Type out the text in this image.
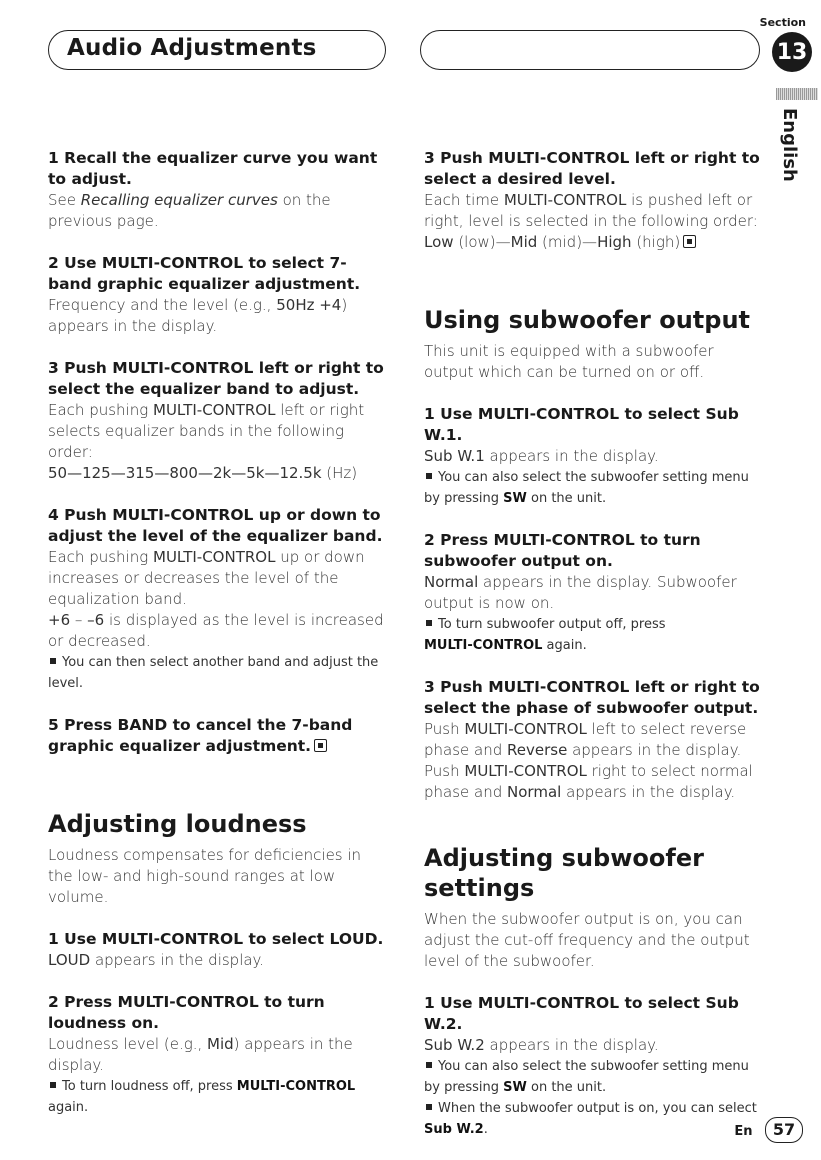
Audio Adjustments
Section
13
English

1 Recall the equalizer curve you want to adjust.

See Recalling equalizer curves on the previous page.

2 Use MULTI-CONTROL to select 7-band graphic equalizer adjustment.

Frequency and the level (e.g., 50Hz +4) appears in the display.

3 Push MULTI-CONTROL left or right to select the equalizer band to adjust.

Each pushing MULTI-CONTROL left or right selects equalizer bands in the following order:

50—125—315—800—2k—5k—12.5k (Hz)

4 Push MULTI-CONTROL up or down to adjust the level of the equalizer band.

Each pushing MULTI-CONTROL up or down increases or decreases the level of the equalization band.

+6 – –6 is displayed as the level is increased or decreased.

You can then select another band and adjust the level.

5 Press BAND to cancel the 7-band graphic equalizer adjustment.

Adjusting loudness

Loudness compensates for deficiencies in the low- and high-sound ranges at low volume.

1 Use MULTI-CONTROL to select LOUD.

LOUD appears in the display.

2 Press MULTI-CONTROL to turn loudness on.

Loudness level (e.g., Mid) appears in the display.

To turn loudness off, press MULTI-CONTROL again.

3 Push MULTI-CONTROL left or right to select a desired level.

Each time MULTI-CONTROL is pushed left or right, level is selected in the following order:

Low (low)—Mid (mid)—High (high)

Using subwoofer output

This unit is equipped with a subwoofer output which can be turned on or off.

1 Use MULTI-CONTROL to select Sub W.1.

Sub W.1 appears in the display.

You can also select the subwoofer setting menu by pressing SW on the unit.

2 Press MULTI-CONTROL to turn subwoofer output on.

Normal appears in the display. Subwoofer output is now on.

To turn subwoofer output off, press
MULTI-CONTROL again.

3 Push MULTI-CONTROL left or right to select the phase of subwoofer output.

Push MULTI-CONTROL left to select reverse phase and Reverse appears in the display. Push MULTI-CONTROL right to select normal phase and Normal appears in the display.

Adjusting subwoofer settings

When the subwoofer output is on, you can adjust the cut-off frequency and the output level of the subwoofer.

1 Use MULTI-CONTROL to select Sub W.2.

Sub W.2 appears in the display.

You can also select the subwoofer setting menu by pressing SW on the unit.

When the subwoofer output is on, you can select Sub W.2.	En 57
